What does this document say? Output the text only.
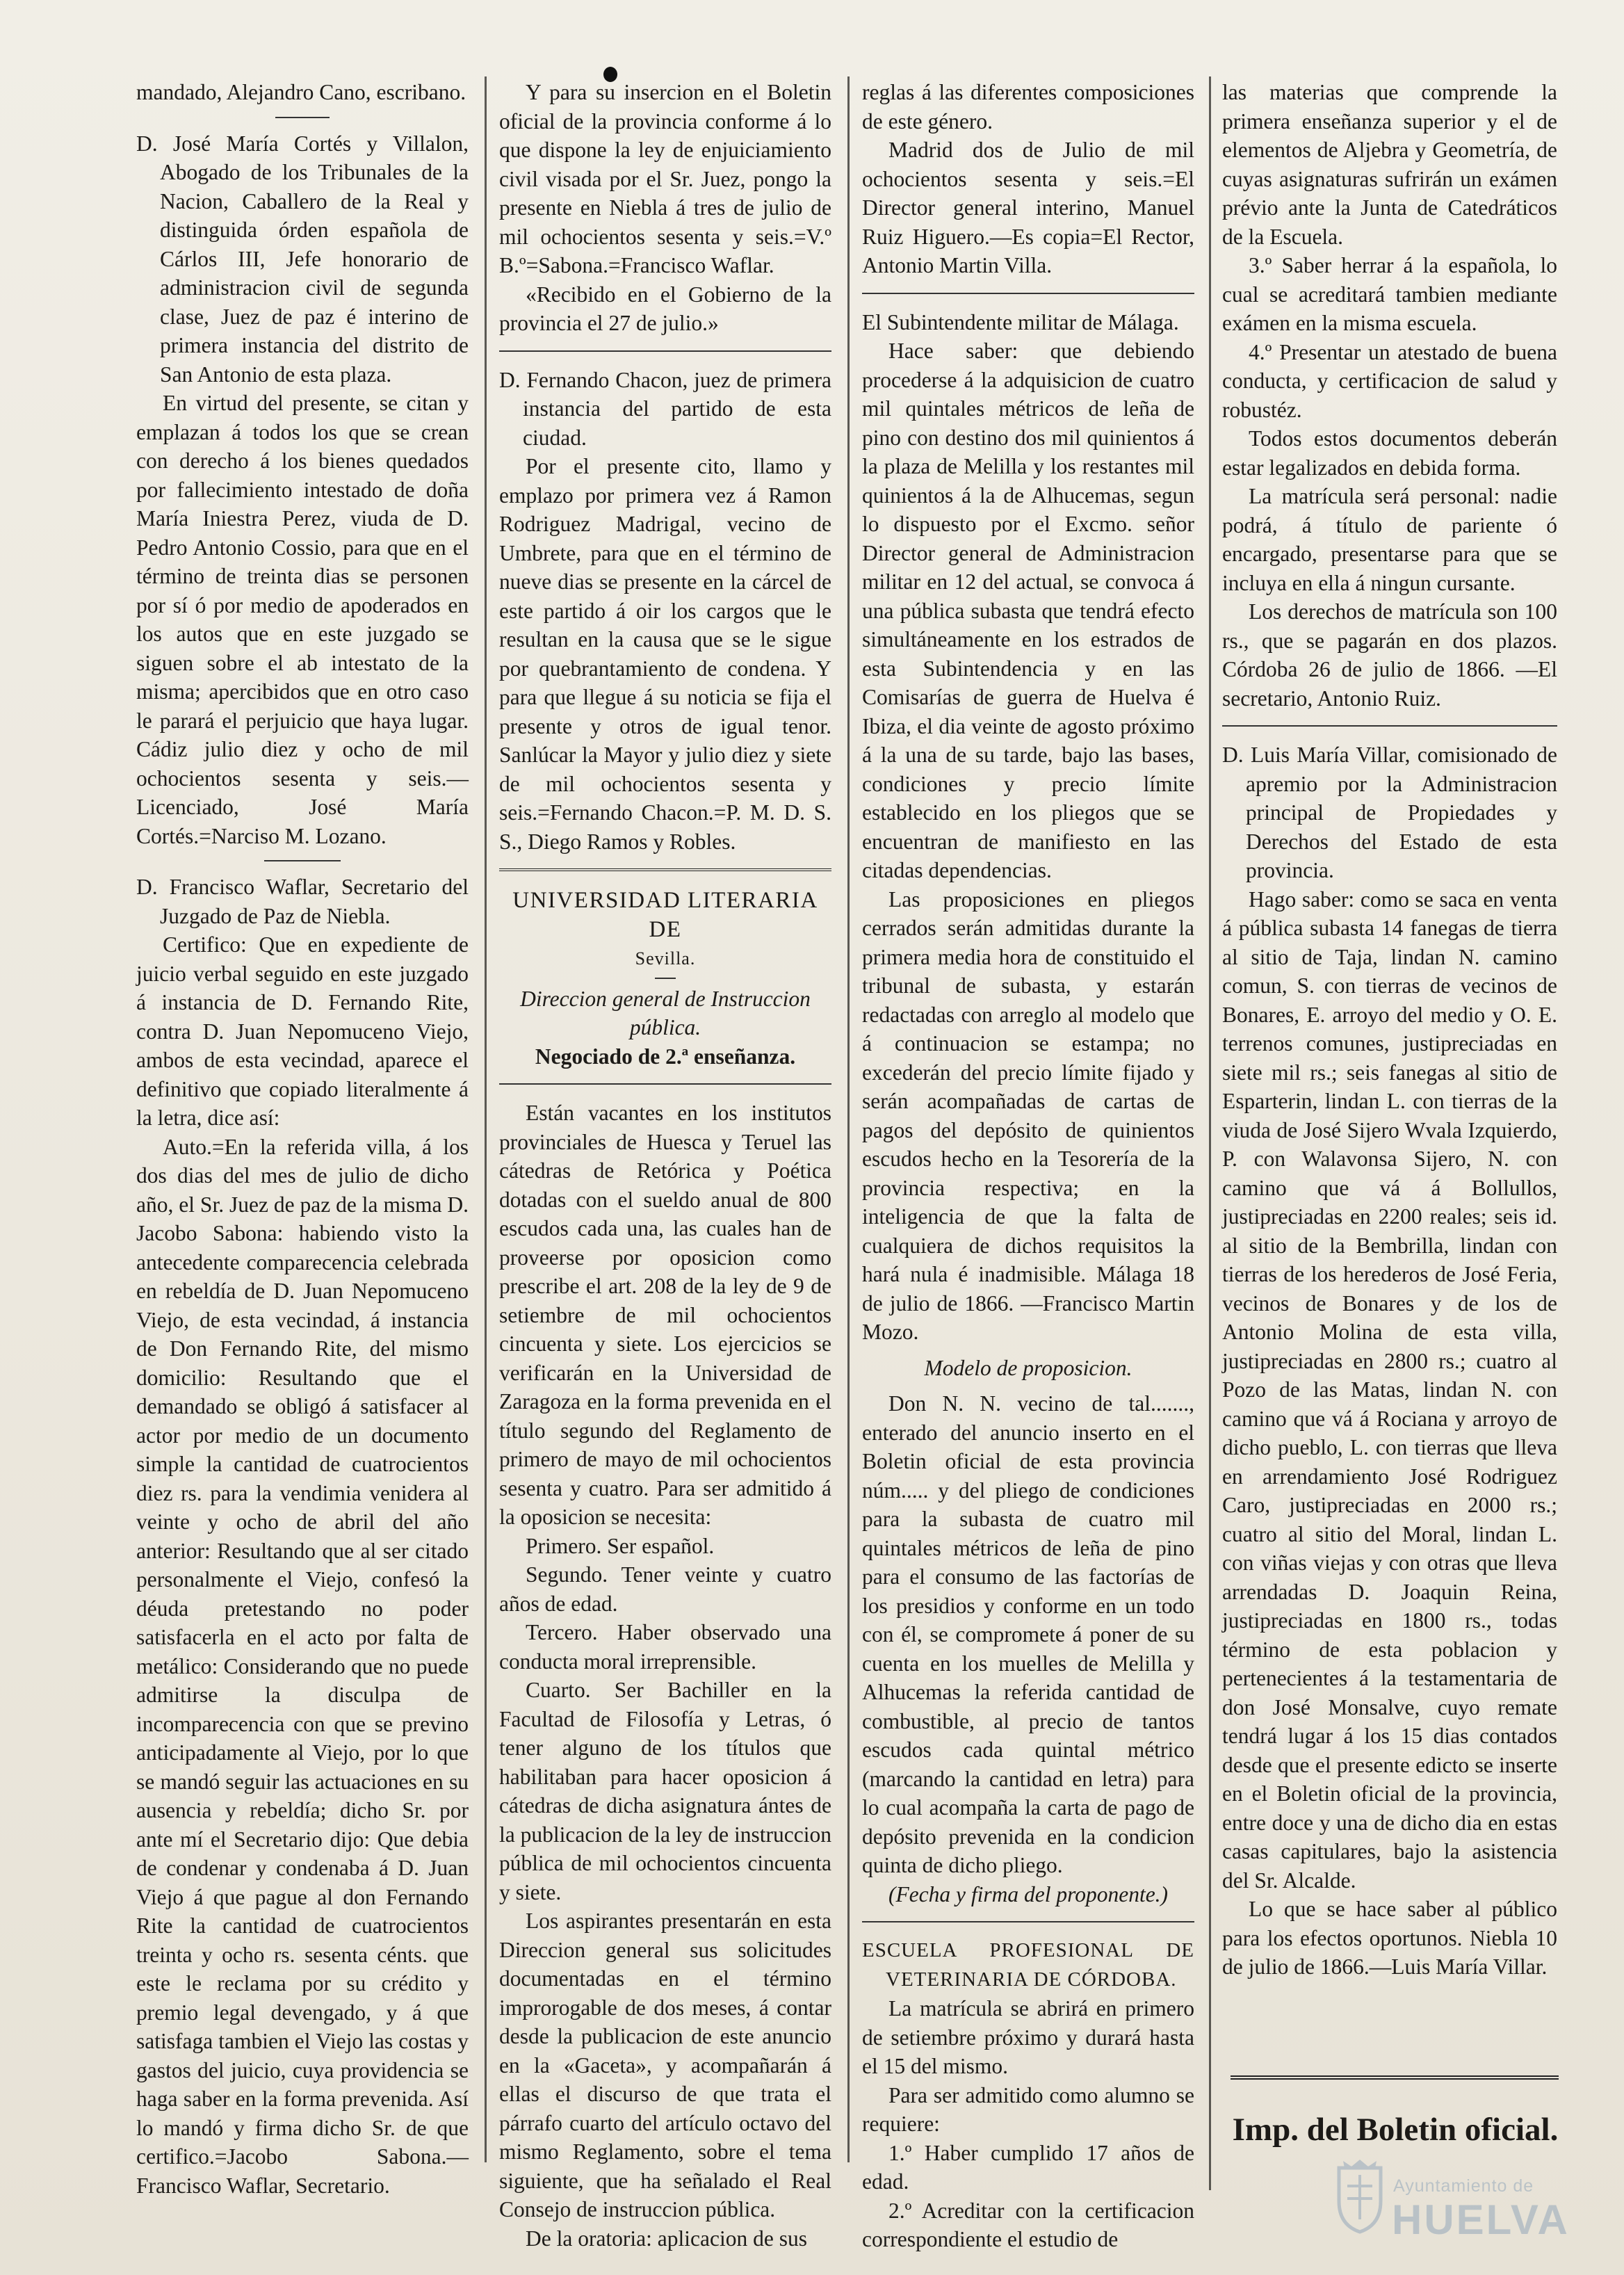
mandado, Alejandro Cano, escribano.

D. José María Cortés y Villalon, Abogado de los Tribunales de la Nacion, Caballero de la Real y distinguida órden española de Cárlos III, Jefe honorario de administracion civil de segunda clase, Juez de paz é interino de primera instancia del distrito de San Antonio de esta plaza.

En virtud del presente, se citan y emplazan á todos los que se crean con derecho á los bienes quedados por fallecimiento intestado de doña María Iniestra Perez, viuda de D. Pedro Antonio Cossio, para que en el término de treinta dias se personen por sí ó por medio de apoderados en los autos que en este juzgado se siguen sobre el ab intestato de la misma; apercibidos que en otro caso le parará el perjuicio que haya lugar. Cádiz julio diez y ocho de mil ochocientos sesenta y seis.—Licenciado, José María Cortés.=Narciso M. Lozano.

D. Francisco Waflar, Secretario del Juzgado de Paz de Niebla.

Certifico: Que en expediente de juicio verbal seguido en este juzgado á instancia de D. Fernando Rite, contra D. Juan Nepomuceno Viejo, ambos de esta vecindad, aparece el definitivo que copiado literalmente á la letra, dice así:

Auto.=En la referida villa, á los dos dias del mes de julio de dicho año, el Sr. Juez de paz de la misma D. Jacobo Sabona: habiendo visto la antecedente comparecencia celebrada en rebeldía de D. Juan Nepomuceno Viejo, de esta vecindad, á instancia de Don Fernando Rite, del mismo domicilio: Resultando que el demandado se obligó á satisfacer al actor por medio de un documento simple la cantidad de cuatrocientos diez rs. para la vendimia venidera al veinte y ocho de abril del año anterior: Resultando que al ser citado personalmente el Viejo, confesó la déuda pretestando no poder satisfacerla en el acto por falta de metálico: Considerando que no puede admitirse la disculpa de incomparecencia con que se previno anticipadamente al Viejo, por lo que se mandó seguir las actuaciones en su ausencia y rebeldía; dicho Sr. por ante mí el Secretario dijo: Que debia de condenar y condenaba á D. Juan Viejo á que pague al don Fernando Rite la cantidad de cuatrocientos treinta y ocho rs. sesenta cénts. que este le reclama por su crédito y premio legal devengado, y á que satisfaga tambien el Viejo las costas y gastos del juicio, cuya providencia se haga saber en la forma prevenida. Así lo mandó y firma dicho Sr. de que certifico.=Jacobo Sabona.—Francisco Waflar, Secretario.

Y para su insercion en el Boletin oficial de la provincia conforme á lo que dispone la ley de enjuiciamiento civil visada por el Sr. Juez, pongo la presente en Niebla á tres de julio de mil ochocientos sesenta y seis.=V.º B.º=Sabona.=Francisco Waflar.

«Recibido en el Gobierno de la provincia el 27 de julio.»

D. Fernando Chacon, juez de primera instancia del partido de esta ciudad.

Por el presente cito, llamo y emplazo por primera vez á Ramon Rodriguez Madrigal, vecino de Umbrete, para que en el término de nueve dias se presente en la cárcel de este partido á oir los cargos que le resultan en la causa que se le sigue por quebrantamiento de condena. Y para que llegue á su noticia se fija el presente y otros de igual tenor. Sanlúcar la Mayor y julio diez y siete de mil ochocientos sesenta y seis.=Fernando Chacon.=P. M. D. S. S., Diego Ramos y Robles.

UNIVERSIDAD LITERARIA DE

Sevilla.

Direccion general de Instruccion pública.

Negociado de 2.ª enseñanza.

Están vacantes en los institutos provinciales de Huesca y Teruel las cátedras de Retórica y Poética dotadas con el sueldo anual de 800 escudos cada una, las cuales han de proveerse por oposicion como prescribe el art. 208 de la ley de 9 de setiembre de mil ochocientos cincuenta y siete. Los ejercicios se verificarán en la Universidad de Zaragoza en la forma prevenida en el título segundo del Reglamento de primero de mayo de mil ochocientos sesenta y cuatro. Para ser admitido á la oposicion se necesita:

Primero. Ser español.

Segundo. Tener veinte y cuatro años de edad.

Tercero. Haber observado una conducta moral irreprensible.

Cuarto. Ser Bachiller en la Facultad de Filosofía y Letras, ó tener alguno de los títulos que habilitaban para hacer oposicion á cátedras de dicha asignatura ántes de la publicacion de la ley de instruccion pública de mil ochocientos cincuenta y siete.

Los aspirantes presentarán en esta Direccion general sus solicitudes documentadas en el término improrogable de dos meses, á contar desde la publicacion de este anuncio en la «Gaceta», y acompañarán á ellas el discurso de que trata el párrafo cuarto del artículo octavo del mismo Reglamento, sobre el tema siguiente, que ha señalado el Real Consejo de instruccion pública.

De la oratoria: aplicacion de sus

reglas á las diferentes composiciones de este género.

Madrid dos de Julio de mil ochocientos sesenta y seis.=El Director general interino, Manuel Ruiz Higuero.—Es copia=El Rector, Antonio Martin Villa.

El Subintendente militar de Málaga.

Hace saber: que debiendo procederse á la adquisicion de cuatro mil quintales métricos de leña de pino con destino dos mil quinientos á la plaza de Melilla y los restantes mil quinientos á la de Alhucemas, segun lo dispuesto por el Excmo. señor Director general de Administracion militar en 12 del actual, se convoca á una pública subasta que tendrá efecto simultáneamente en los estrados de esta Subintendencia y en las Comisarías de guerra de Huelva é Ibiza, el dia veinte de agosto próximo á la una de su tarde, bajo las bases, condiciones y precio límite establecido en los pliegos que se encuentran de manifiesto en las citadas dependencias.

Las proposiciones en pliegos cerrados serán admitidas durante la primera media hora de constituido el tribunal de subasta, y estarán redactadas con arreglo al modelo que á continuacion se estampa; no excederán del precio límite fijado y serán acompañadas de cartas de pagos del depósito de quinientos escudos hecho en la Tesorería de la provincia respectiva; en la inteligencia de que la falta de cualquiera de dichos requisitos la hará nula é inadmisible. Málaga 18 de julio de 1866. —Francisco Martin Mozo.

Modelo de proposicion.

Don N. N. vecino de tal......., enterado del anuncio inserto en el Boletin oficial de esta provincia núm..... y del pliego de condiciones para la subasta de cuatro mil quintales métricos de leña de pino para el consumo de las factorías de los presidios y conforme en un todo con él, se compromete á poner de su cuenta en los muelles de Melilla y Alhucemas la referida cantidad de combustible, al precio de tantos escudos cada quintal métrico (marcando la cantidad en letra) para lo cual acompaña la carta de pago de depósito prevenida en la condicion quinta de dicho pliego.

(Fecha y firma del proponente.)

ESCUELA PROFESIONAL DE VETERINARIA DE CÓRDOBA.

La matrícula se abrirá en primero de setiembre próximo y durará hasta el 15 del mismo.

Para ser admitido como alumno se requiere:

1.º Haber cumplido 17 años de edad.

2.º Acreditar con la certificacion correspondiente el estudio de

las materias que comprende la primera enseñanza superior y el de elementos de Aljebra y Geometría, de cuyas asignaturas sufrirán un exámen prévio ante la Junta de Catedráticos de la Escuela.

3.º Saber herrar á la española, lo cual se acreditará tambien mediante exámen en la misma escuela.

4.º Presentar un atestado de buena conducta, y certificacion de salud y robustéz.

Todos estos documentos deberán estar legalizados en debida forma.

La matrícula será personal: nadie podrá, á título de pariente ó encargado, presentarse para que se incluya en ella á ningun cursante.

Los derechos de matrícula son 100 rs., que se pagarán en dos plazos. Córdoba 26 de julio de 1866. —El secretario, Antonio Ruiz.

D. Luis María Villar, comisionado de apremio por la Administracion principal de Propiedades y Derechos del Estado de esta provincia.

Hago saber: como se saca en venta á pública subasta 14 fanegas de tierra al sitio de Taja, lindan N. camino comun, S. con tierras de vecinos de Bonares, E. arroyo del medio y O. E. terrenos comunes, justipreciadas en siete mil rs.; seis fanegas al sitio de Esparterin, lindan L. con tierras de la viuda de José Sijero Wvala Izquierdo, P. con Walavonsa Sijero, N. con camino que vá á Bollullos, justipreciadas en 2200 reales; seis id. al sitio de la Bembrilla, lindan con tierras de los herederos de José Feria, vecinos de Bonares y de los de Antonio Molina de esta villa, justipreciadas en 2800 rs.; cuatro al Pozo de las Matas, lindan N. con camino que vá á Rociana y arroyo de dicho pueblo, L. con tierras que lleva en arrendamiento José Rodriguez Caro, justipreciadas en 2000 rs.; cuatro al sitio del Moral, lindan L. con viñas viejas y con otras que lleva arrendadas D. Joaquin Reina, justipreciadas en 1800 rs., todas término de esta poblacion y pertenecientes á la testamentaria de don José Monsalve, cuyo remate tendrá lugar á los 15 dias contados desde que el presente edicto se inserte en el Boletin oficial de la provincia, entre doce y una de dicho dia en estas casas capitulares, bajo la asistencia del Sr. Alcalde.

Lo que se hace saber al público para los efectos oportunos. Niebla 10 de julio de 1866.—Luis María Villar.

Imp. del Boletin oficial.
Ayuntamiento de
HUELVA
